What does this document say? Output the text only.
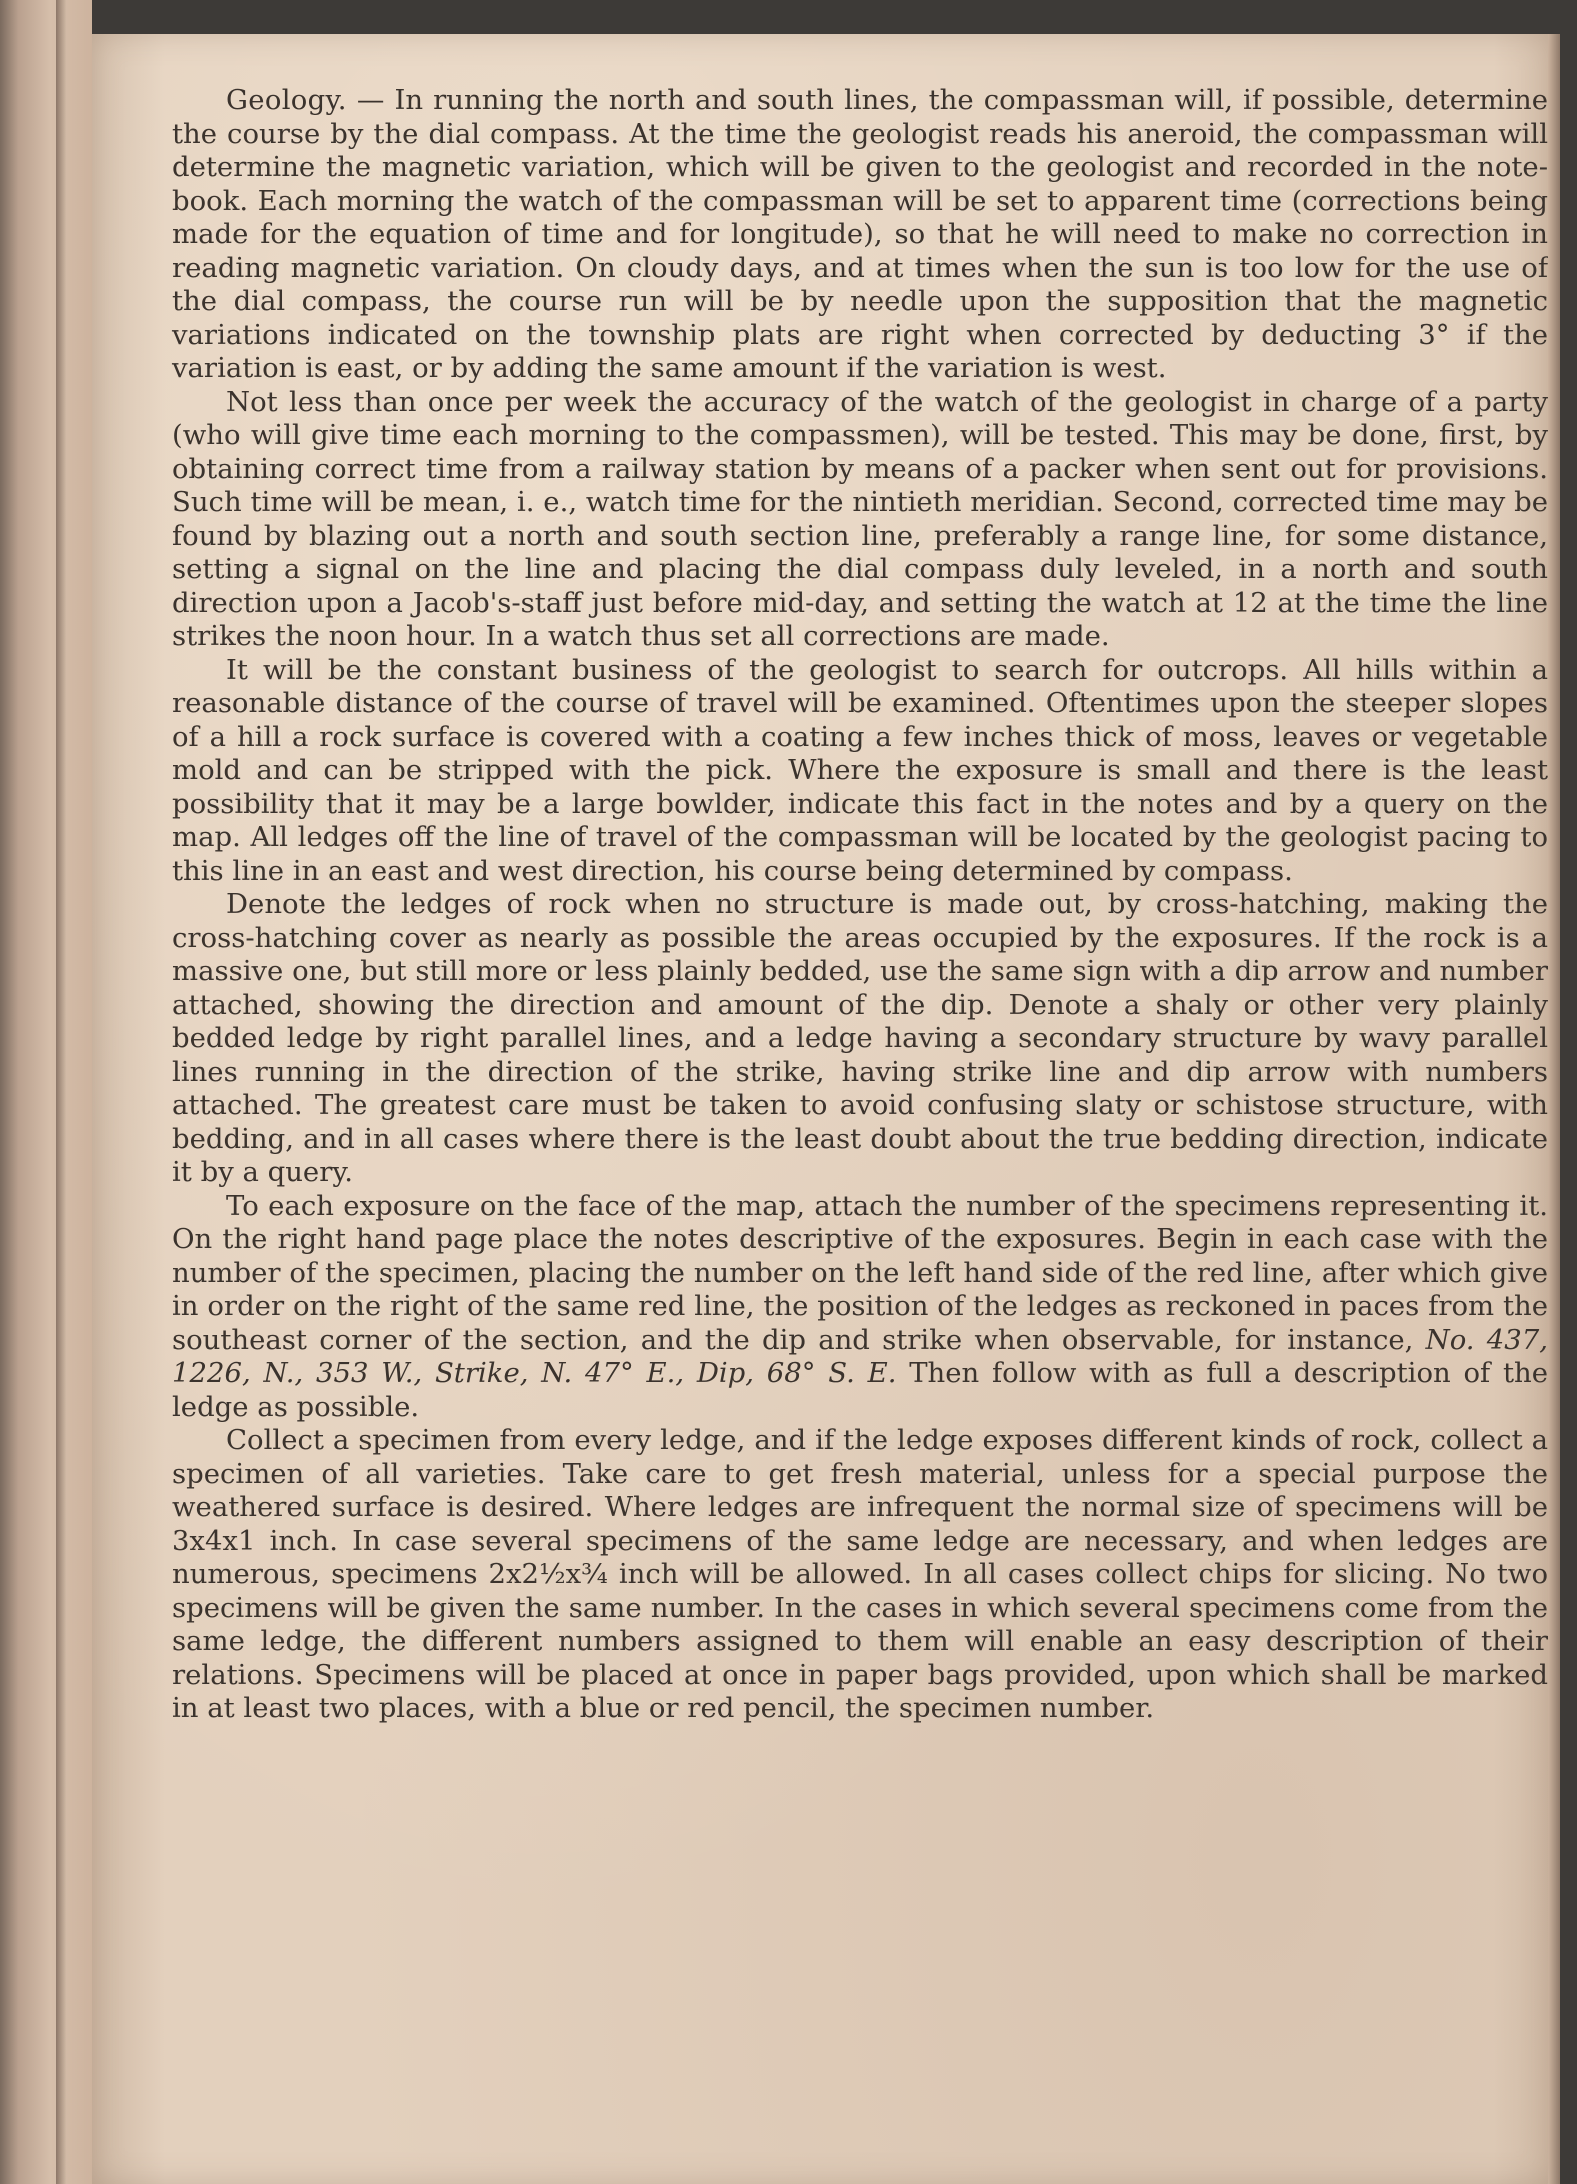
Geology. — In running the north and south lines, the compassman will, if possible, determine the course by the dial compass. At the time the geologist reads his aneroid, the compassman will determine the magnetic variation, which will be given to the geologist and recorded in the note-book. Each morning the watch of the compassman will be set to apparent time (corrections being made for the equation of time and for longitude), so that he will need to make no correction in reading magnetic variation. On cloudy days, and at times when the sun is too low for the use of the dial compass, the course run will be by needle upon the supposition that the magnetic variations indicated on the township plats are right when corrected by deducting 3° if the variation is east, or by adding the same amount if the variation is west.

Not less than once per week the accuracy of the watch of the geologist in charge of a party (who will give time each morning to the compassmen), will be tested. This may be done, first, by obtaining correct time from a railway station by means of a packer when sent out for provisions. Such time will be mean, i. e., watch time for the nintieth meridian. Second, corrected time may be found by blazing out a north and south section line, preferably a range line, for some distance, setting a signal on the line and placing the dial compass duly leveled, in a north and south direction upon a Jacob's-staff just before mid-day, and setting the watch at 12 at the time the line strikes the noon hour. In a watch thus set all corrections are made.

It will be the constant business of the geologist to search for outcrops. All hills within a reasonable distance of the course of travel will be examined. Oftentimes upon the steeper slopes of a hill a rock surface is covered with a coating a few inches thick of moss, leaves or vegetable mold and can be stripped with the pick. Where the exposure is small and there is the least possibility that it may be a large bowlder, indicate this fact in the notes and by a query on the map. All ledges off the line of travel of the compassman will be located by the geologist pacing to this line in an east and west direction, his course being determined by compass.

Denote the ledges of rock when no structure is made out, by cross-hatching, making the cross-hatching cover as nearly as possible the areas occupied by the exposures. If the rock is a massive one, but still more or less plainly bedded, use the same sign with a dip arrow and number attached, showing the direction and amount of the dip. Denote a shaly or other very plainly bedded ledge by right parallel lines, and a ledge having a secondary structure by wavy parallel lines running in the direction of the strike, having strike line and dip arrow with numbers attached. The greatest care must be taken to avoid confusing slaty or schistose structure, with bedding, and in all cases where there is the least doubt about the true bedding direction, indicate it by a query.

To each exposure on the face of the map, attach the number of the specimens representing it. On the right hand page place the notes descriptive of the exposures. Begin in each case with the number of the specimen, placing the number on the left hand side of the red line, after which give in order on the right of the same red line, the position of the ledges as reckoned in paces from the southeast corner of the section, and the dip and strike when observable, for instance, No. 437, 1226, N., 353 W., Strike, N. 47° E., Dip, 68° S. E. Then follow with as full a description of the ledge as possible.

Collect a specimen from every ledge, and if the ledge exposes different kinds of rock, collect a specimen of all varieties. Take care to get fresh material, unless for a special purpose the weathered surface is desired. Where ledges are infrequent the normal size of specimens will be 3x4x1 inch. In case several specimens of the same ledge are necessary, and when ledges are numerous, specimens 2x2½x¾ inch will be allowed. In all cases collect chips for slicing. No two specimens will be given the same number. In the cases in which several specimens come from the same ledge, the different numbers assigned to them will enable an easy description of their relations. Specimens will be placed at once in paper bags provided, upon which shall be marked in at least two places, with a blue or red pencil, the specimen number.
